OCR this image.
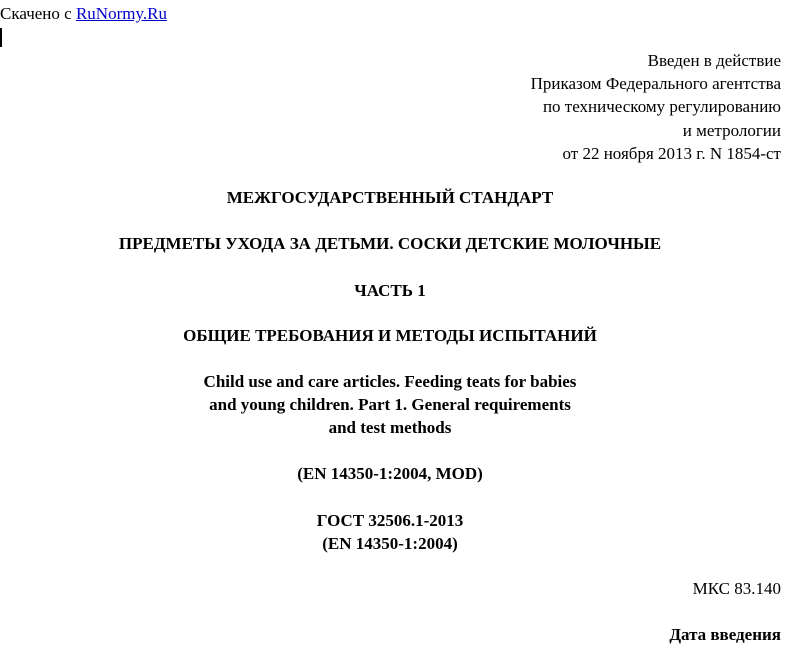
Скачено с RuNormy.Ru
Введен в действие
Приказом Федерального агентства
по техническому регулированию
и метрологии
от 22 ноября 2013 г. N 1854-ст
МЕЖГОСУДАРСТВЕННЫЙ СТАНДАРТ
ПРЕДМЕТЫ УХОДА ЗА ДЕТЬМИ. СОСКИ ДЕТСКИЕ МОЛОЧНЫЕ
ЧАСТЬ 1
ОБЩИЕ ТРЕБОВАНИЯ И МЕТОДЫ ИСПЫТАНИЙ
Child use and care articles. Feeding teats for babies
and young children. Part 1. General requirements
and test methods
(EN 14350-1:2004, MOD)
ГОСТ 32506.1-2013
(EN 14350-1:2004)
МКС 83.140
Дата введения
